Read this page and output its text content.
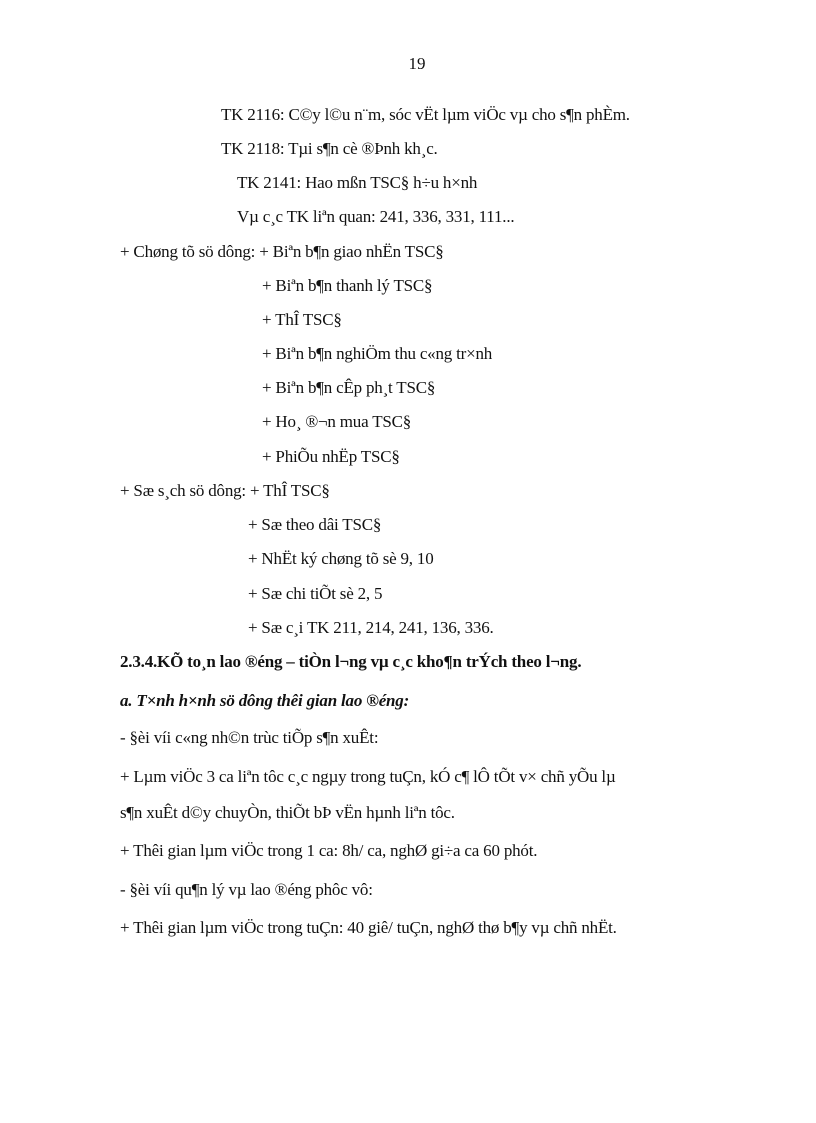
19
TK 2116: C©y l©u n¨m, sóc vËt lµm viÖc vµ cho s¶n phÈm.
TK 2118: Tµi s¶n cè ®Þnh kh¸c.
TK 2141: Hao mßn TSC§ h÷u h×nh
Vµ c¸c TK liªn quan: 241, 336, 331, 111...
+ Chøng tõ sö dông: + Biªn b¶n giao nhËn TSC§
+ Biªn b¶n thanh lý TSC§
+ ThÎ TSC§
+ Biªn b¶n nghiÖm thu c«ng tr×nh
+ Biªn b¶n cÊp ph¸t TSC§
+ Ho¸ ®¬n mua TSC§
+ PhiÕu nhËp TSC§
+ Sæ s¸ch sö dông: + ThÎ TSC§
+ Sæ theo dâi TSC§
+ NhËt ký chøng tõ sè 9, 10
+ Sæ chi tiÕt sè 2, 5
+ Sæ c¸i TK 211, 214, 241, 136, 336.
2.3.4.KÕ to¸n lao ®éng – tiÒn l¬ng vµ c¸c kho¶n trÝch theo l¬ng.
a. T×nh h×nh sö dông thêi gian lao ®éng:
- §èi víi c«ng nh©n trùc tiÕp s¶n xuÊt:
+ Lµm viÖc 3 ca liªn tôc c¸c ngµy trong tuÇn, kÓ c¶ lÔ tÕt v× chñ yÕu lµ
s¶n xuÊt d©y chuyÒn, thiÕt bÞ vËn hµnh liªn tôc.
+ Thêi gian lµm viÖc trong 1 ca: 8h/ ca, nghØ gi÷a ca 60 phót.
- §èi víi qu¶n lý vµ lao ®éng phôc vô:
+ Thêi gian lµm viÖc trong tuÇn: 40 giê/ tuÇn, nghØ thø b¶y vµ chñ nhËt.
